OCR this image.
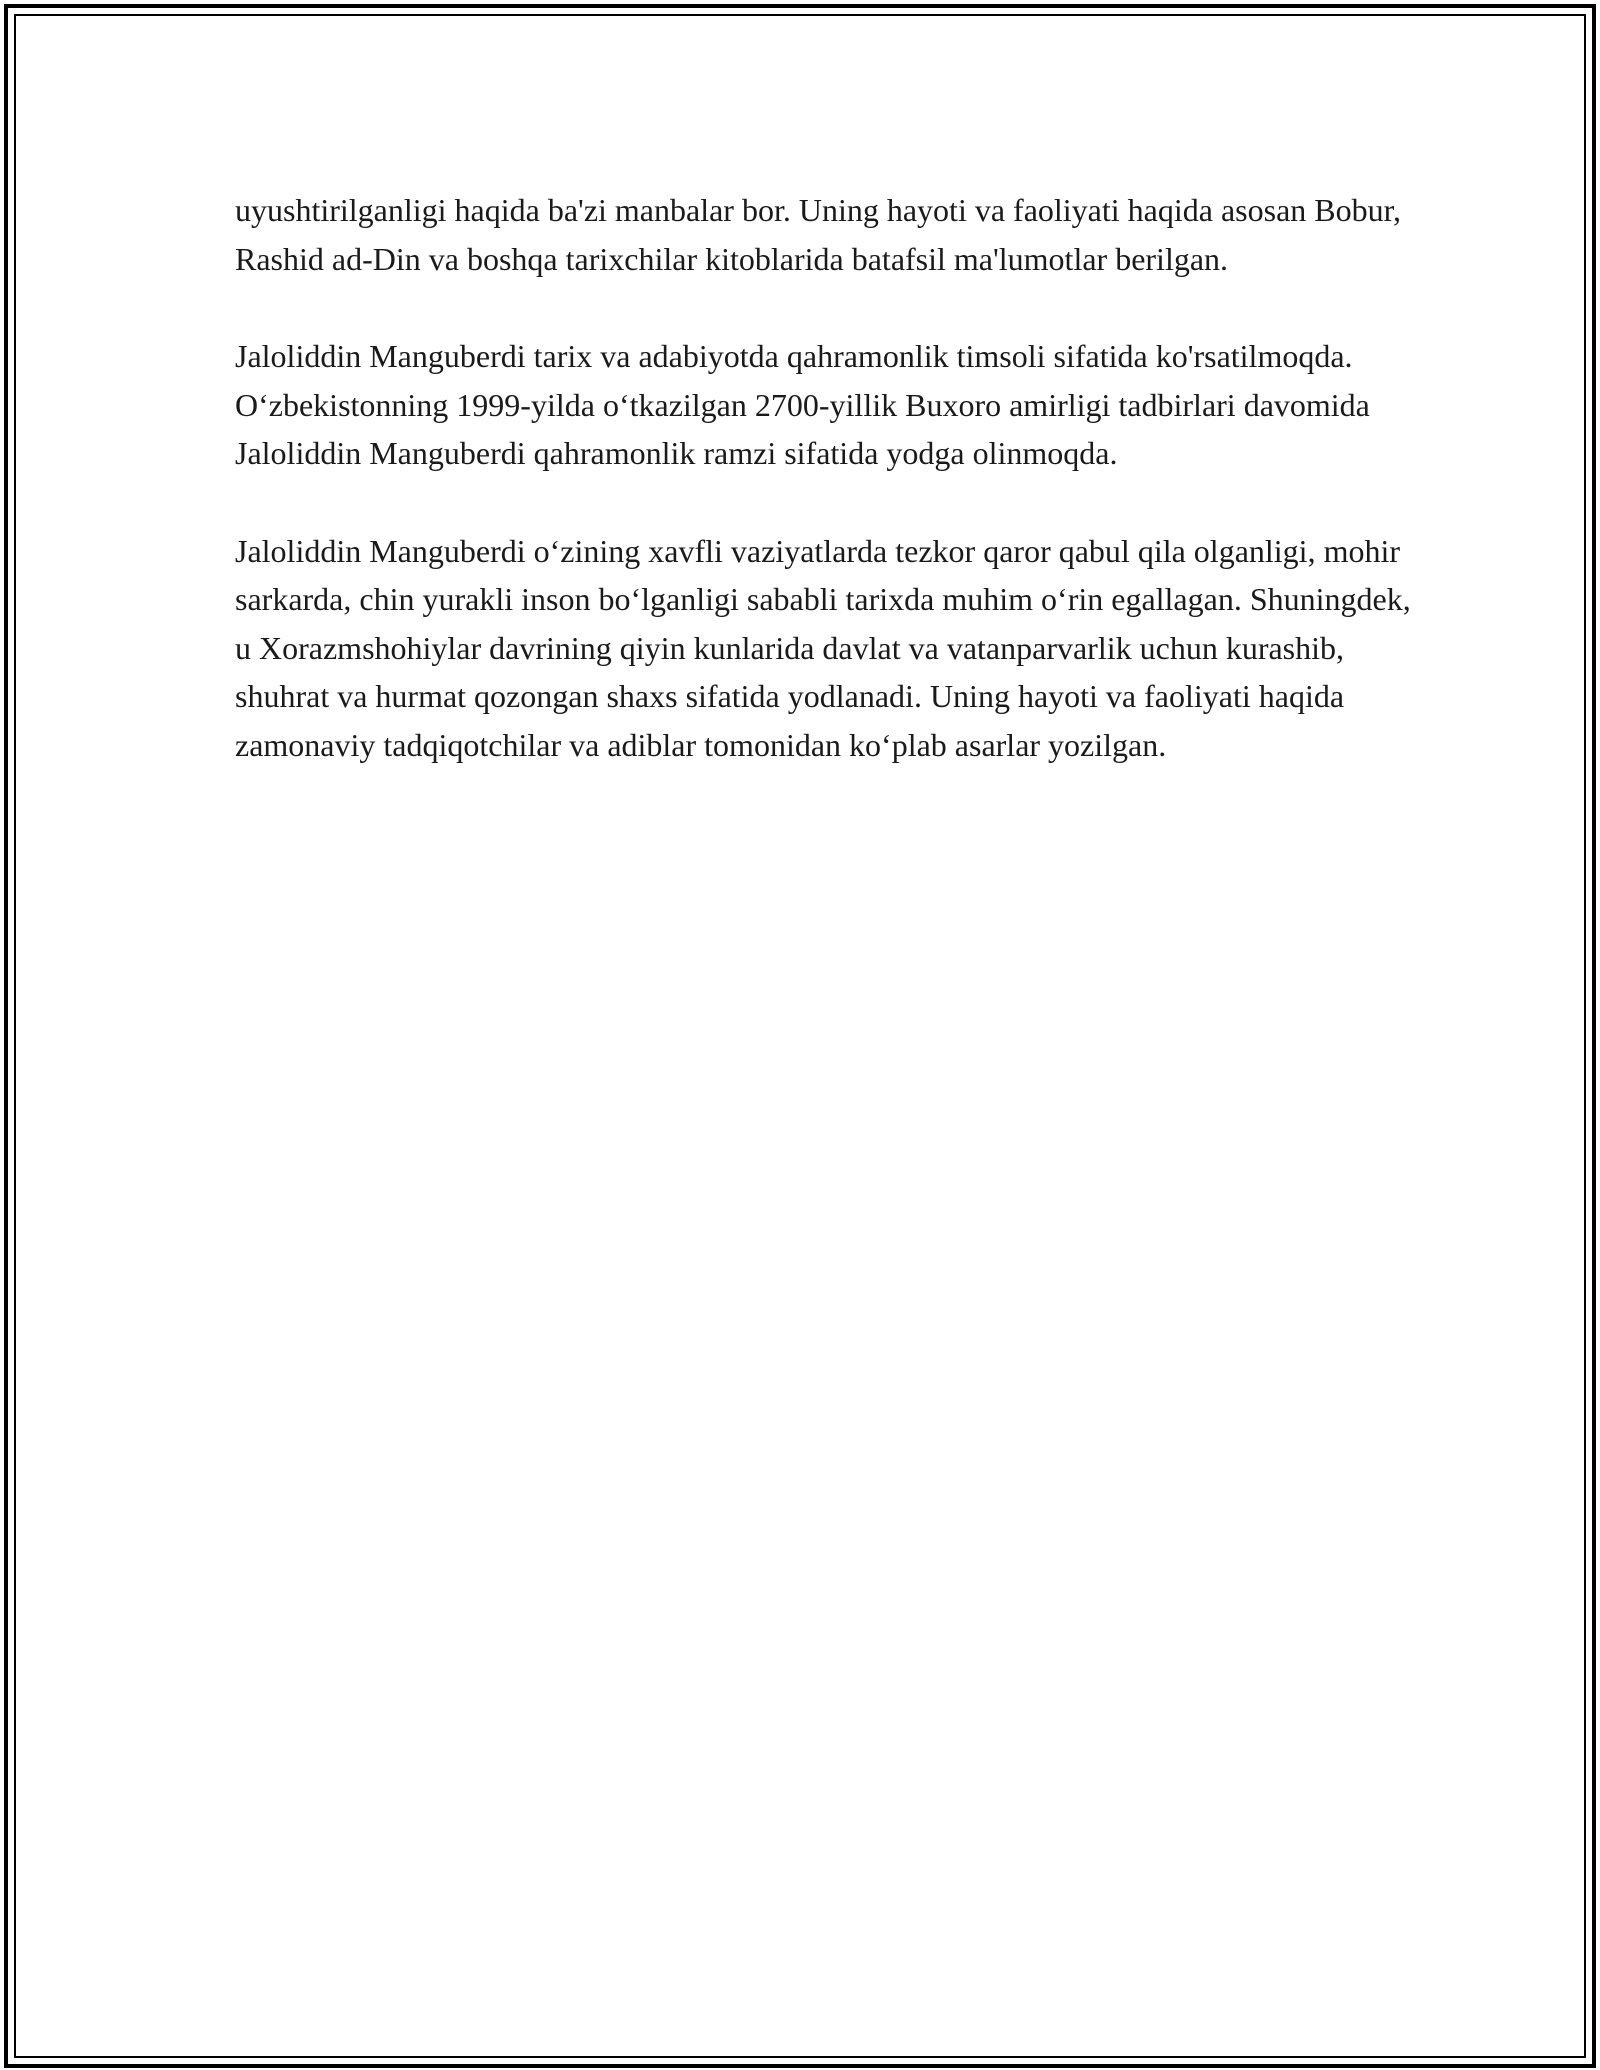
uyushtirilganligi haqida ba'zi manbalar bor. Uning hayoti va faoliyati haqida asosan Bobur, Rashid ad-Din va boshqa tarixchilar kitoblarida batafsil ma'lumotlar berilgan.

Jaloliddin Manguberdi tarix va adabiyotda qahramonlik timsoli sifatida ko'rsatilmoqda. O‘zbekistonning 1999-yilda o‘tkazilgan 2700-yillik Buxoro amirligi tadbirlari davomida Jaloliddin Manguberdi qahramonlik ramzi sifatida yodga olinmoqda.

Jaloliddin Manguberdi o‘zining xavfli vaziyatlarda tezkor qaror qabul qila olganligi, mohir sarkarda, chin yurakli inson bo‘lganligi sababli tarixda muhim o‘rin egallagan. Shuningdek, u Xorazmshohiylar davrining qiyin kunlarida davlat va vatanparvarlik uchun kurashib, shuhrat va hurmat qozongan shaxs sifatida yodlanadi. Uning hayoti va faoliyati haqida zamonaviy tadqiqotchilar va adiblar tomonidan ko‘plab asarlar yozilgan.
